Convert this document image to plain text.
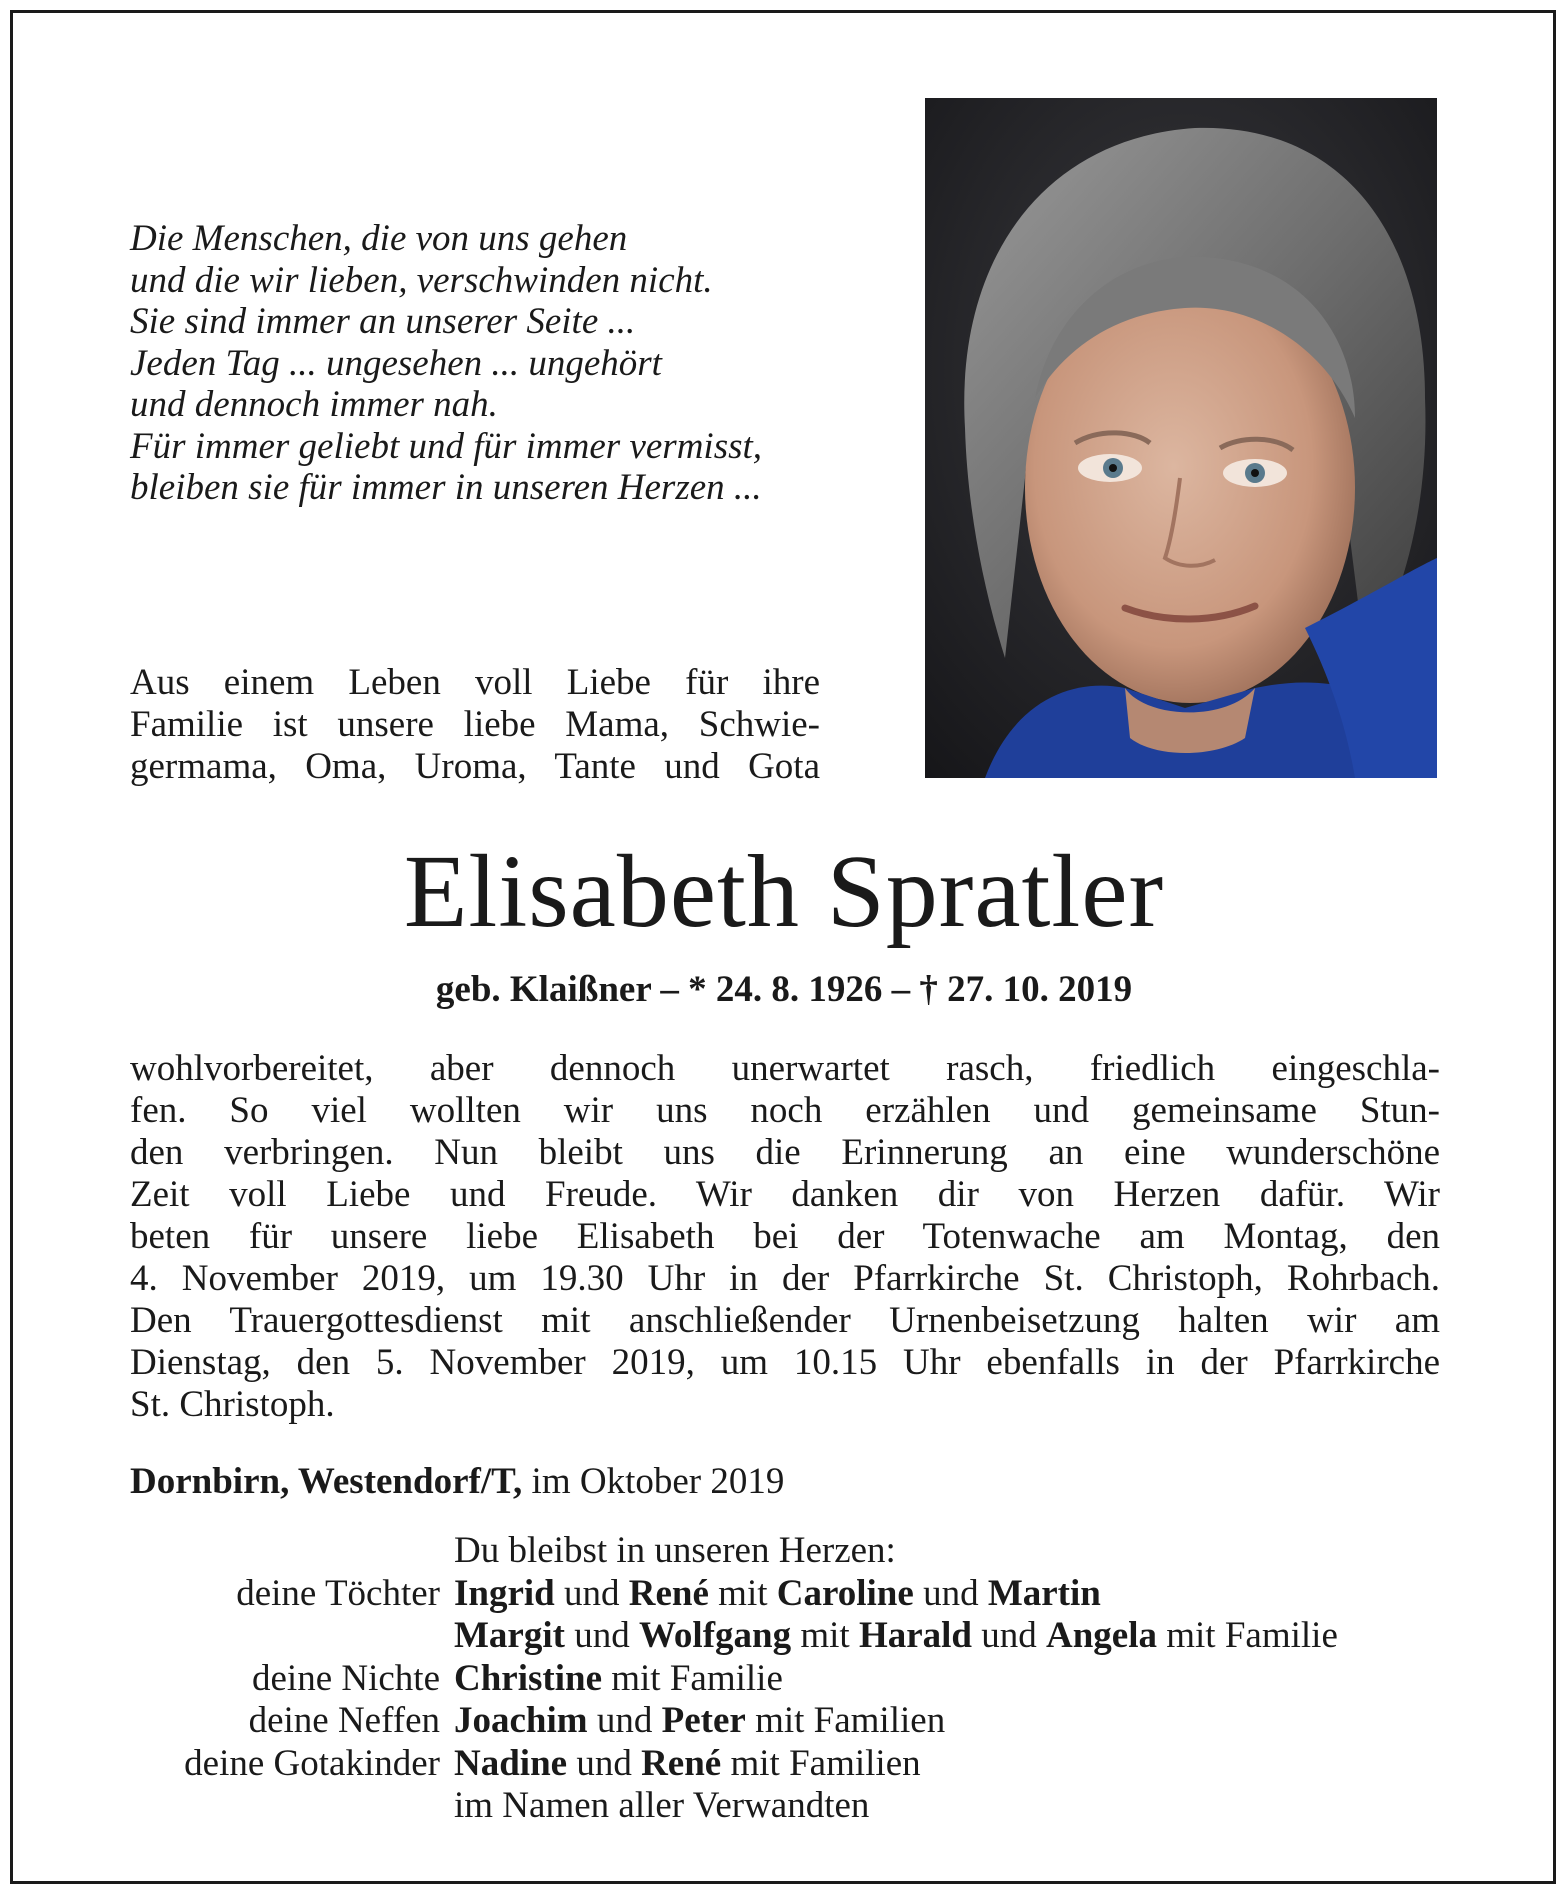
Die Menschen, die von uns gehen
und die wir lieben, verschwinden nicht.
Sie sind immer an unserer Seite ...
Jeden Tag ... ungesehen ... ungehört
und dennoch immer nah.
Für immer geliebt und für immer vermisst,
bleiben sie für immer in unseren Herzen ...
Aus einem Leben voll Liebe für ihre
Familie ist unsere liebe Mama, Schwie-
germama, Oma, Uroma, Tante und Gota
Elisabeth Spratler
geb. Klaißner – * 24. 8. 1926 – † 27. 10. 2019
wohlvorbereitet, aber dennoch unerwartet rasch, friedlich eingeschla-
fen. So viel wollten wir uns noch erzählen und gemeinsame Stun-
den verbringen. Nun bleibt uns die Erinnerung an eine wunderschöne
Zeit voll Liebe und Freude. Wir danken dir von Herzen dafür. Wir
beten für unsere liebe Elisabeth bei der Totenwache am Montag, den
4. November 2019, um 19.30 Uhr in der Pfarrkirche St. Christoph, Rohrbach.
Den Trauergottesdienst mit anschließender Urnenbeisetzung halten wir am
Dienstag, den 5. November 2019, um 10.15 Uhr ebenfalls in der Pfarrkirche
St. Christoph.
Dornbirn, Westendorf/T, im Oktober 2019
Du bleibst in unseren Herzen:
deine Töchter Ingrid und René mit Caroline und Martin
Margit und Wolfgang mit Harald und Angela mit Familie
deine Nichte Christine mit Familie
deine Neffen Joachim und Peter mit Familien
deine Gotakinder Nadine und René mit Familien
im Namen aller Verwandten
